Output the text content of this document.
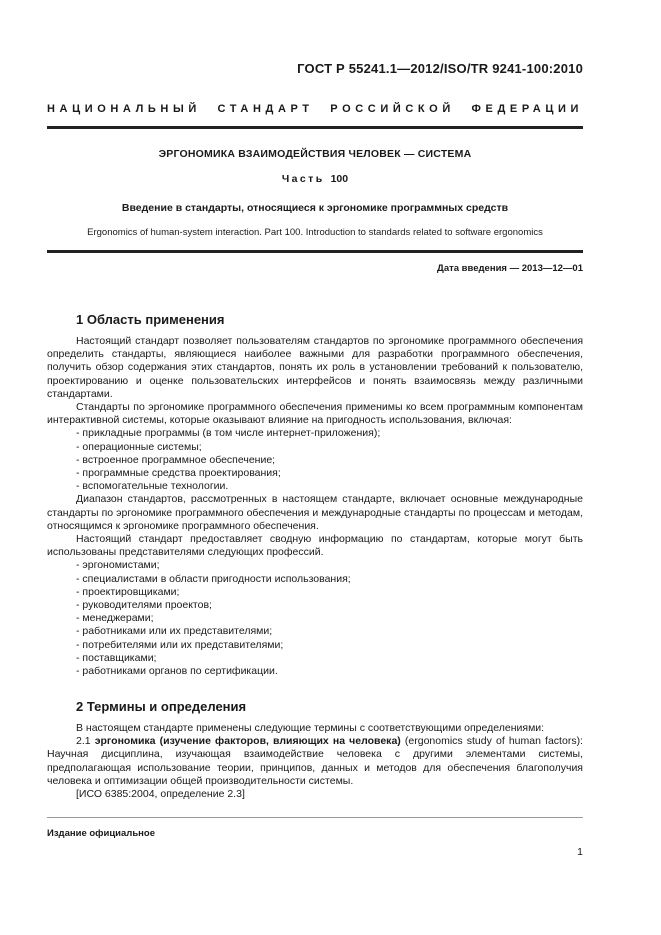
ГОСТ Р 55241.1—2012/ISO/TR 9241-100:2010
НАЦИОНАЛЬНЫЙ СТАНДАРТ РОССИЙСКОЙ ФЕДЕРАЦИИ
ЭРГОНОМИКА ВЗАИМОДЕЙСТВИЯ ЧЕЛОВЕК — СИСТЕМА
Часть 100
Введение в стандарты, относящиеся к эргономике программных средств
Ergonomics of human-system interaction. Part 100. Introduction to standards related to software ergonomics
Дата введения — 2013—12—01
1 Область применения

Настоящий стандарт позволяет пользователям стандартов по эргономике программного обеспечения определить стандарты, являющиеся наиболее важными для разработки программного обеспечения, получить обзор содержания этих стандартов, понять их роль в установлении требований к пользователю, проектированию и оценке пользовательских интерфейсов и понять взаимосвязь между различными стандартами.

Стандарты по эргономике программного обеспечения применимы ко всем программным компонентам интерактивной системы, которые оказывают влияние на пригодность использования, включая:

- прикладные программы (в том числе интернет-приложения);
- операционные системы;
- встроенное программное обеспечение;
- программные средства проектирования;
- вспомогательные технологии.

Диапазон стандартов, рассмотренных в настоящем стандарте, включает основные международные стандарты по эргономике программного обеспечения и международные стандарты по процессам и методам, относящимся к эргономике программного обеспечения.

Настоящий стандарт предоставляет сводную информацию по стандартам, которые могут быть использованы представителями следующих профессий.

- эргономистами;
- специалистами в области пригодности использования;
- проектировщиками;
- руководителями проектов;
- менеджерами;
- работниками или их представителями;
- потребителями или их представителями;
- поставщиками;
- работниками органов по сертификации.
2 Термины и определения

В настоящем стандарте применены следующие термины с соответствующими определениями:

2.1 эргономика (изучение факторов, влияющих на человека) (ergonomics study of human factors): Научная дисциплина, изучающая взаимодействие человека с другими элементами системы, предполагающая использование теории, принципов, данных и методов для обеспечения благополучия человека и оптимизации общей производительности системы.

[ИСО 6385:2004, определение 2.3]

Издание официальное
1
